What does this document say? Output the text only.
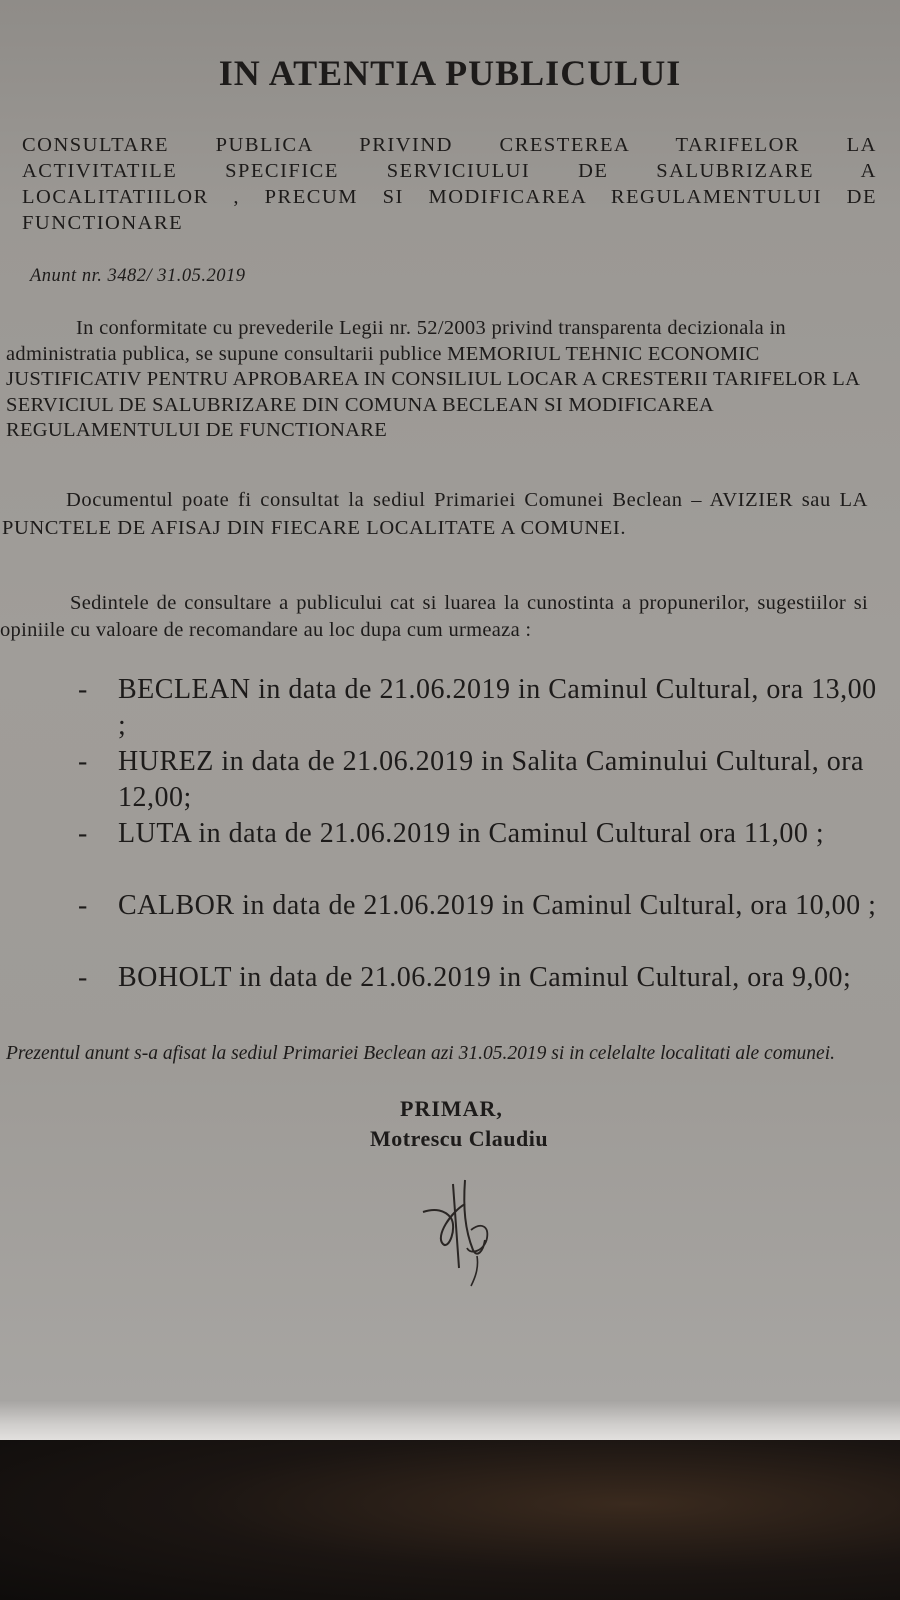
IN ATENTIA PUBLICULUI

CONSULTARE PUBLICA PRIVIND CRESTEREA TARIFELOR LA ACTIVITATILE SPECIFICE SERVICIULUI DE SALUBRIZARE A LOCALITATIILOR , PRECUM SI MODIFICAREA REGULAMENTULUI DE FUNCTIONARE

Anunt nr. 3482/ 31.05.2019

In conformitate cu prevederile Legii nr. 52/2003 privind transparenta decizionala in administratia publica, se supune consultarii publice MEMORIUL TEHNIC ECONOMIC JUSTIFICATIV PENTRU APROBAREA IN CONSILIUL LOCAR A CRESTERII TARIFELOR LA SERVICIUL DE SALUBRIZARE DIN COMUNA BECLEAN SI MODIFICAREA REGULAMENTULUI DE FUNCTIONARE

Documentul poate fi consultat la sediul Primariei Comunei Beclean – AVIZIER sau LA PUNCTELE DE AFISAJ DIN FIECARE LOCALITATE A COMUNEI.

Sedintele de consultare a publicului cat si luarea la cunostinta a propunerilor, sugestiilor si opiniile cu valoare de recomandare au loc dupa cum urmeaza :

- BECLEAN in data de 21.06.2019 in Caminul Cultural, ora 13,00 ;
- HUREZ in data de 21.06.2019 in Salita Caminului Cultural, ora 12,00;
- LUTA in data de 21.06.2019 in Caminul Cultural ora 11,00 ;
- CALBOR in data de 21.06.2019 in Caminul Cultural, ora 10,00 ;
- BOHOLT in data de 21.06.2019 in Caminul Cultural, ora 9,00;

Prezentul anunt s-a afisat la sediul Primariei Beclean azi 31.05.2019 si in celelalte localitati ale comunei.

PRIMAR,

Motrescu Claudiu
